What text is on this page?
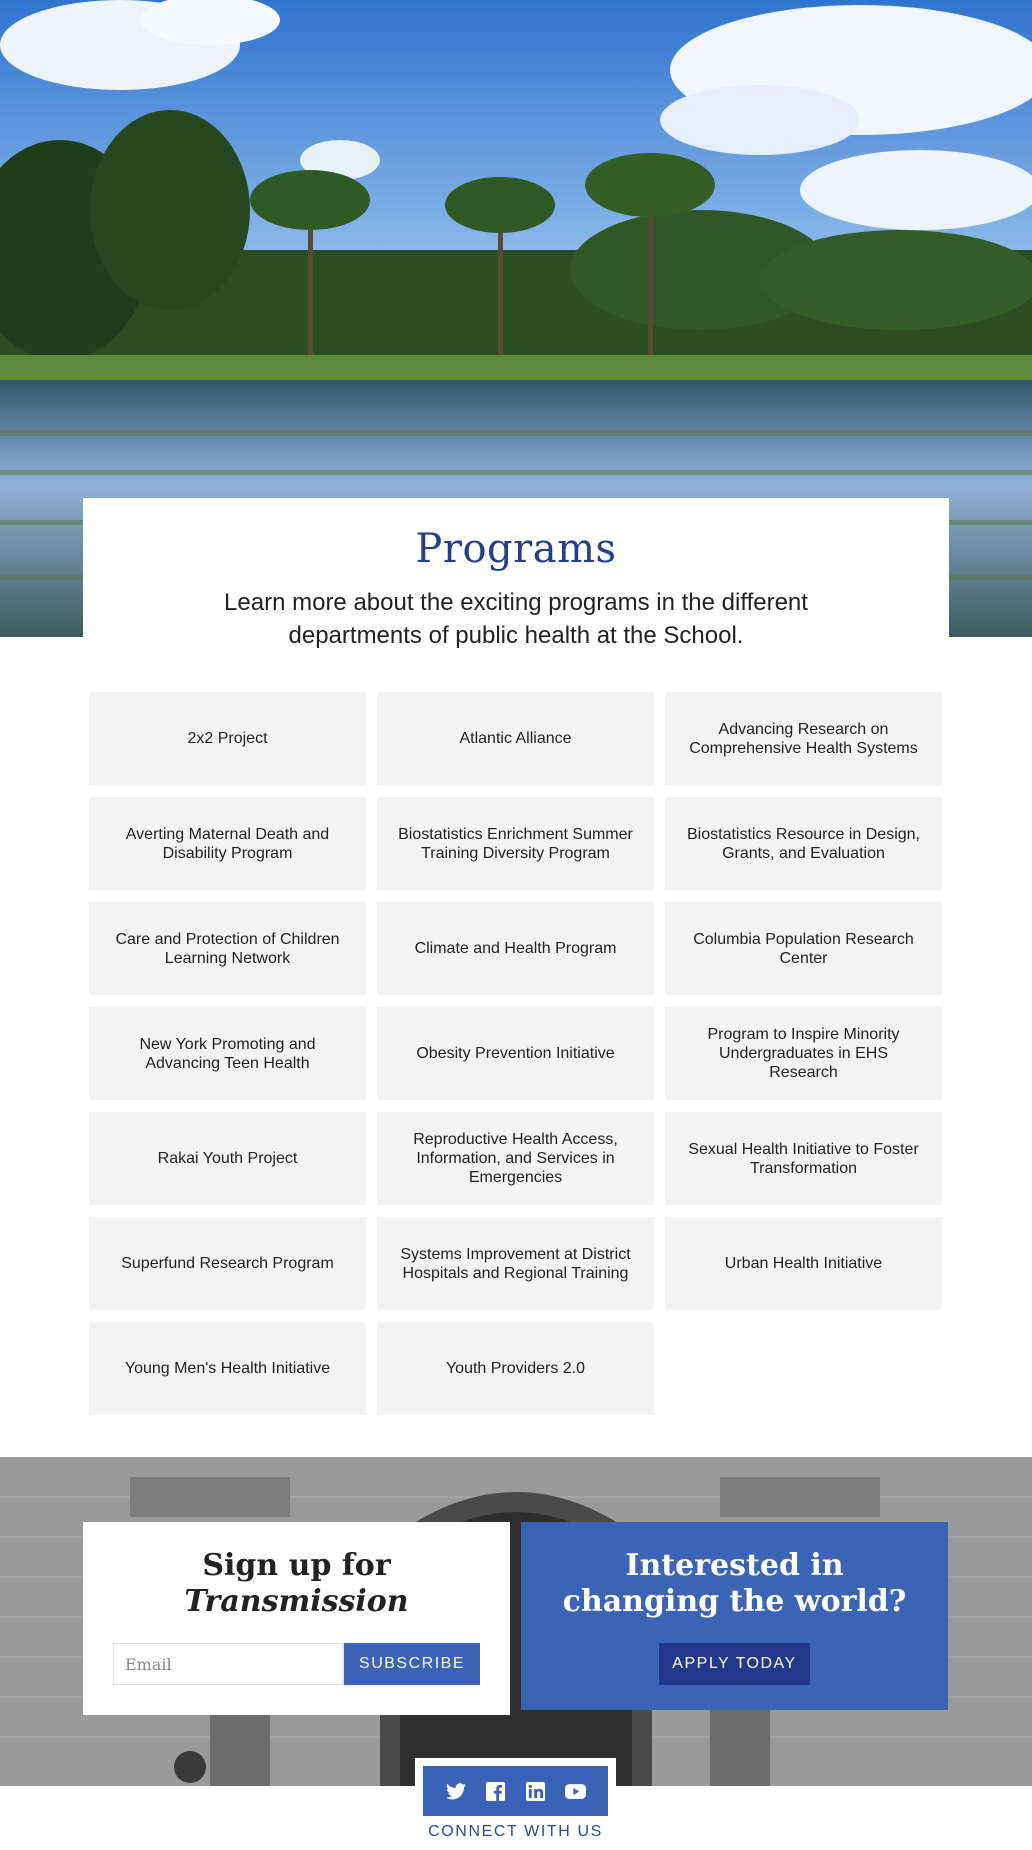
Programs

Learn more about the exciting programs in the different departments of public health at the School.

2x2 Project	Atlantic Alliance
Advancing Research on Comprehensive Health Systems
Averting Maternal Death and Disability Program
Biostatistics Enrichment Summer Training Diversity Program
Biostatistics Resource in Design, Grants, and Evaluation
Care and Protection of Children Learning Network
Climate and Health Program
Columbia Population Research Center
New York Promoting and Advancing Teen Health
Obesity Prevention Initiative
Program to Inspire Minority Undergraduates in EHS Research
Rakai Youth Project
Reproductive Health Access, Information, and Services in Emergencies
Sexual Health Initiative to Foster Transformation
Superfund Research Program
Systems Improvement at District Hospitals and Regional Training
Urban Health Initiative
Young Men's Health Initiative	Youth Providers 2.0
Sign up for
Transmission
Email
SUBSCRIBE
Interested in changing the world?
APPLY TODAY
CONNECT WITH US
